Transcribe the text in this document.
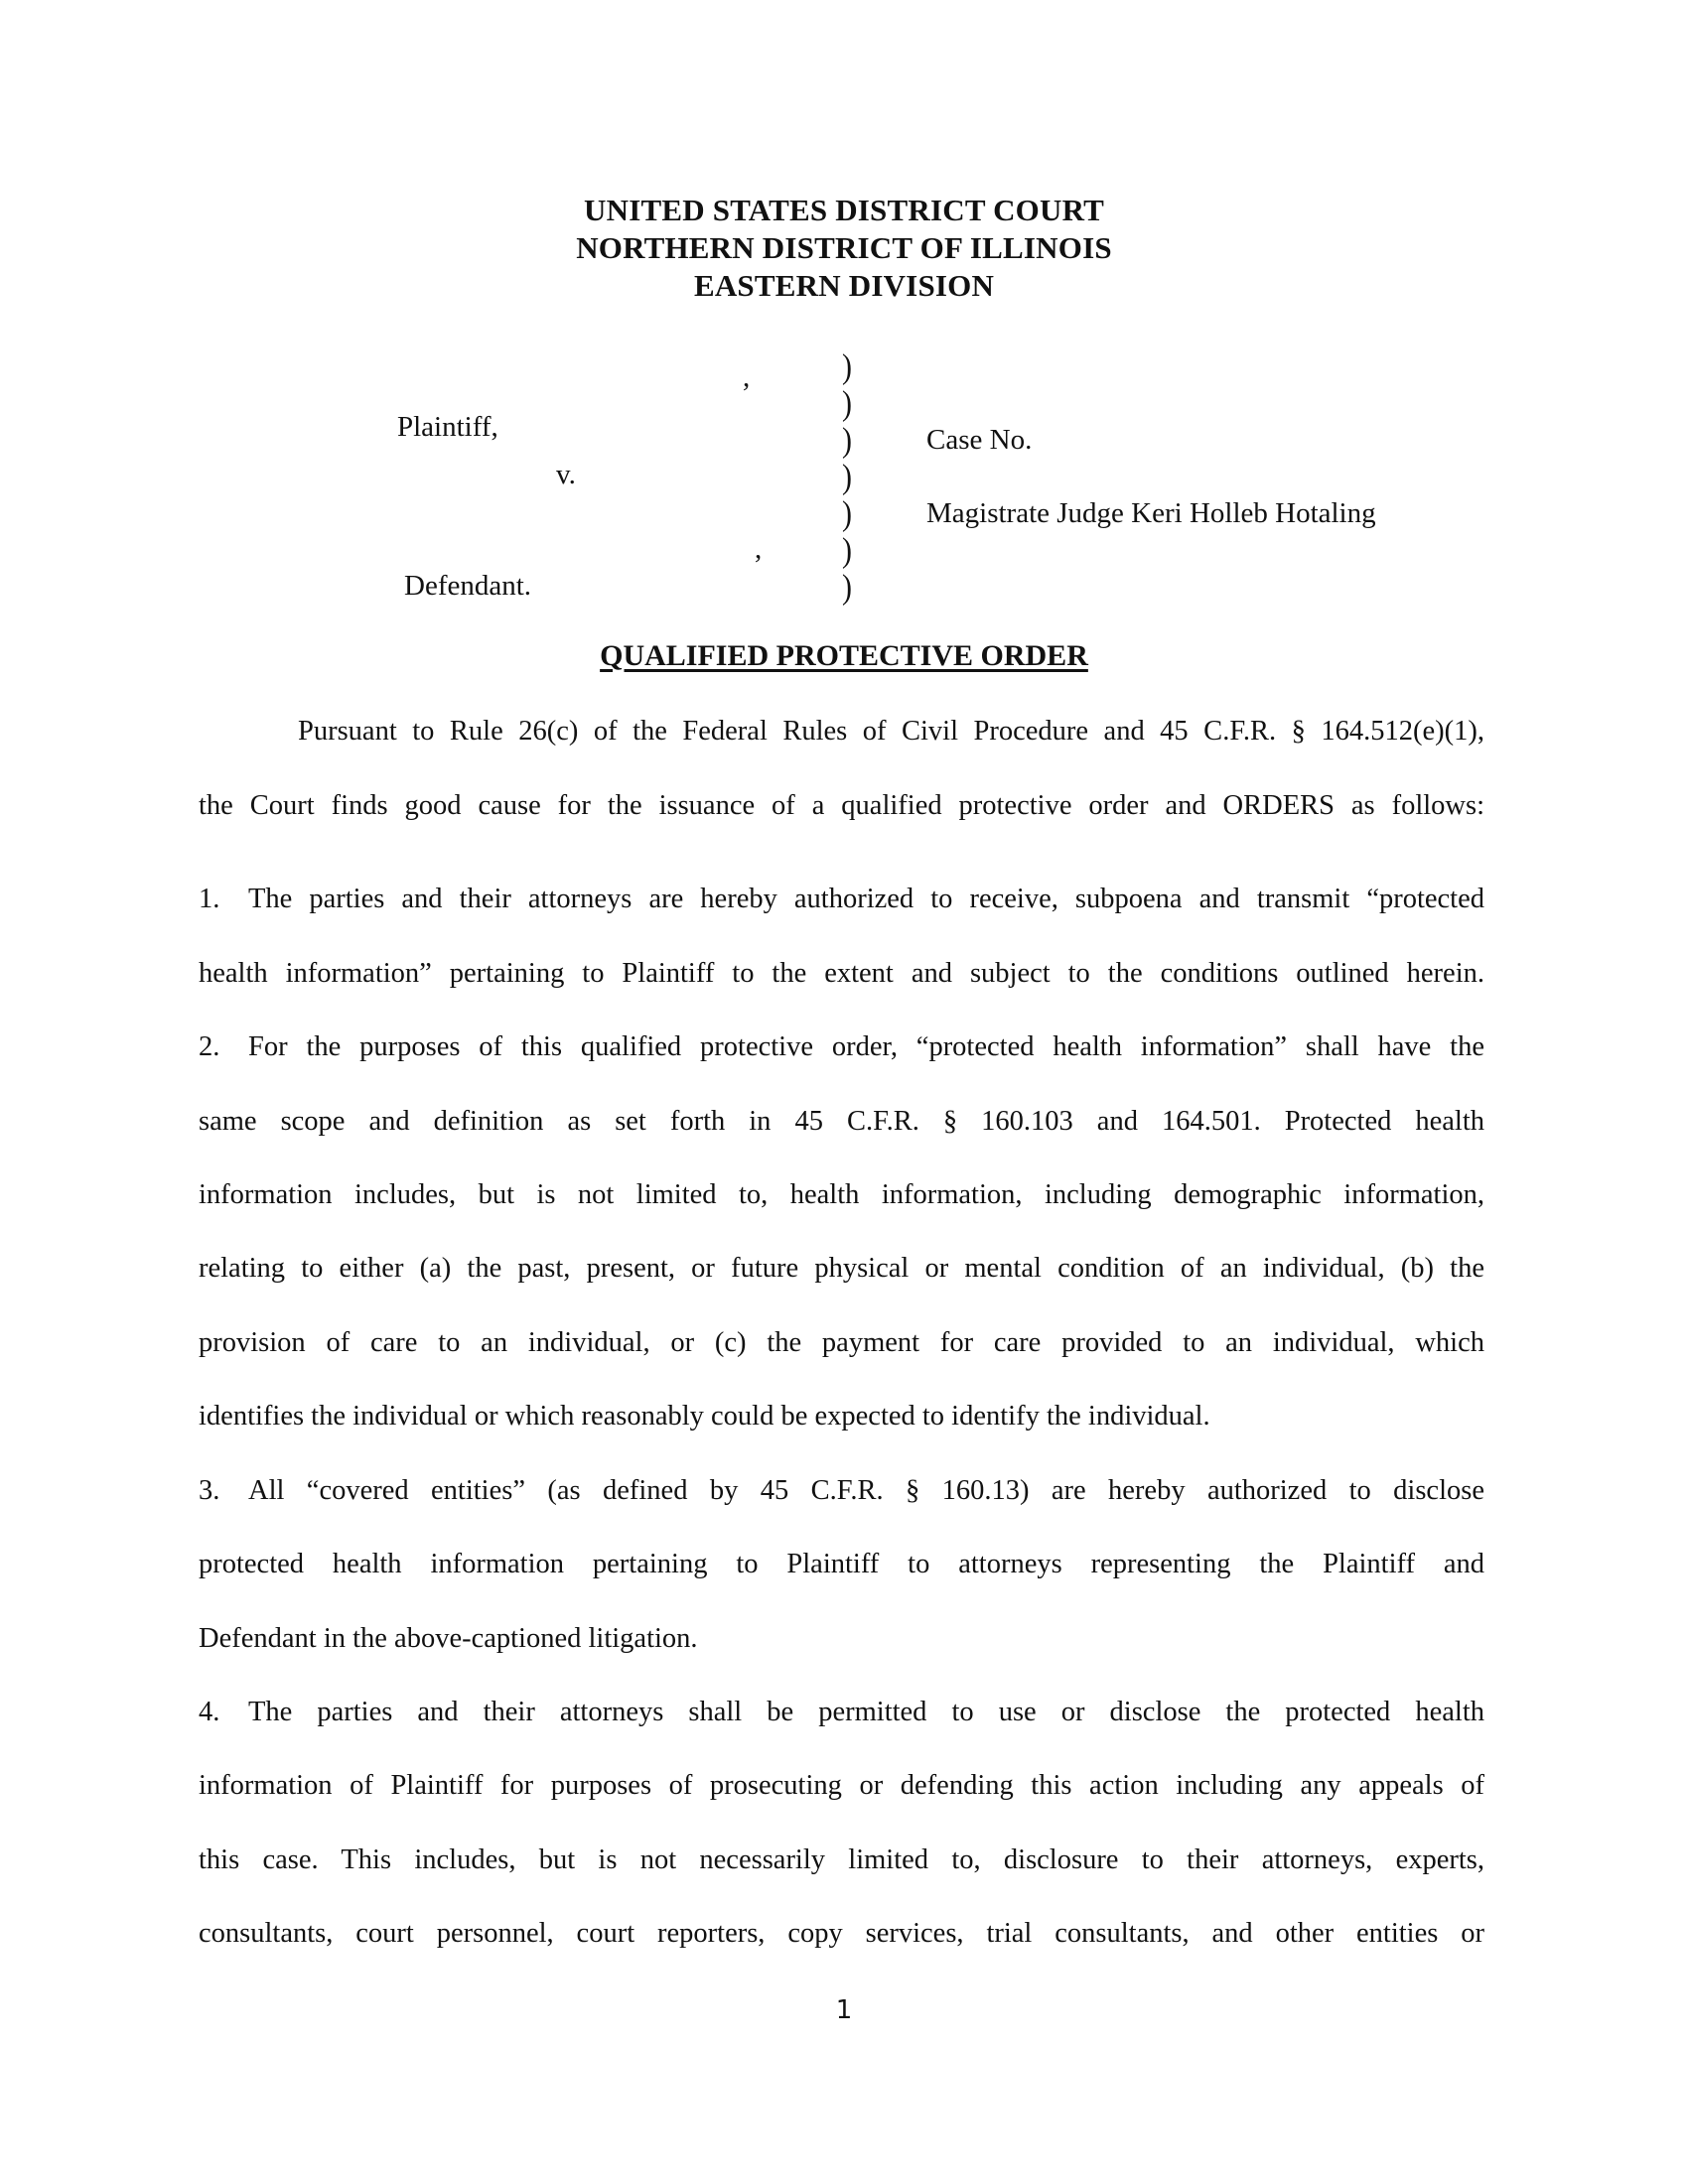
UNITED STATES DISTRICT COURT
NORTHERN DISTRICT OF ILLINOIS
EASTERN DIVISION
,
Plaintiff,
v.
,
Defendant.
)
)
)
)
)
)
)
Case No.
Magistrate Judge Keri Holleb Hotaling
QUALIFIED PROTECTIVE ORDER
Pursuant to Rule 26(c) of the Federal Rules of Civil Procedure and 45 C.F.R. § 164.512(e)(1),
the Court finds good cause for the issuance of a qualified protective order and ORDERS as follows:
1. The parties and their attorneys are hereby authorized to receive, subpoena and transmit “protected
health information” pertaining to Plaintiff to the extent and subject to the conditions outlined herein.
2. For the purposes of this qualified protective order, “protected health information” shall have the
same scope and definition as set forth in 45 C.F.R. § 160.103 and 164.501. Protected health
information includes, but is not limited to, health information, including demographic information,
relating to either (a) the past, present, or future physical or mental condition of an individual, (b) the
provision of care to an individual, or (c) the payment for care provided to an individual, which
identifies the individual or which reasonably could be expected to identify the individual.
3. All “covered entities” (as defined by 45 C.F.R. § 160.13) are hereby authorized to disclose
protected health information pertaining to Plaintiff to attorneys representing the Plaintiff and
Defendant in the above-captioned litigation.
4. The parties and their attorneys shall be permitted to use or disclose the protected health
information of Plaintiff for purposes of prosecuting or defending this action including any appeals of
this case. This includes, but is not necessarily limited to, disclosure to their attorneys, experts,
consultants, court personnel, court reporters, copy services, trial consultants, and other entities or
1
